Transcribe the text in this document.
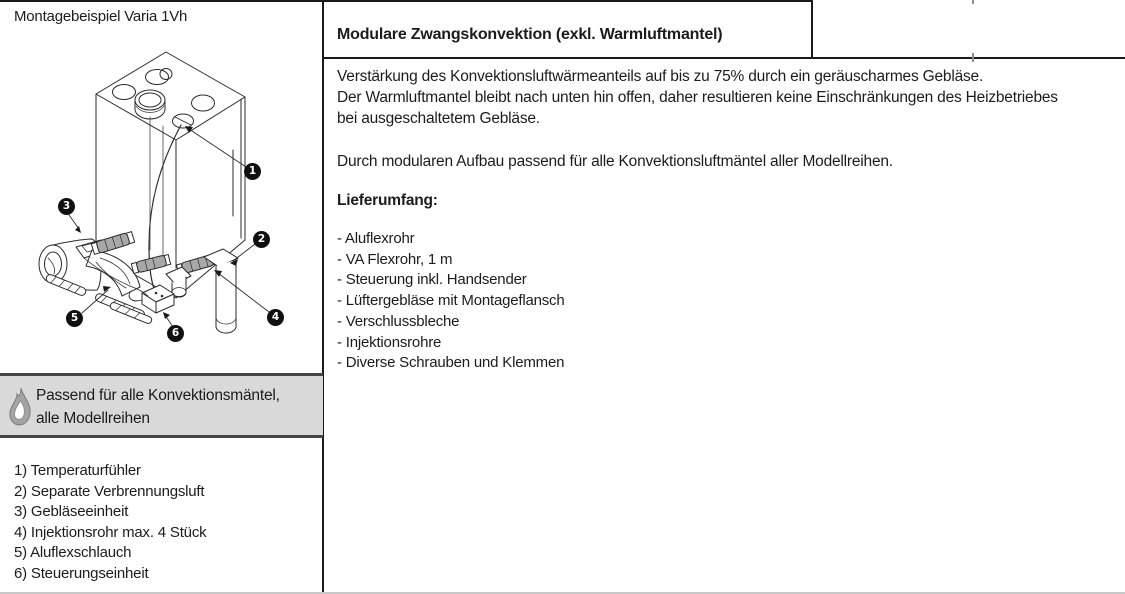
Montagebeispiel Varia 1Vh
1
2
3
4
5
6
Passend für alle Konvektionsmäntel,
alle Modellreihen
1) Temperaturfühler
2) Separate Verbrennungsluft
3) Gebläseeinheit
4) Injektionsrohr max. 4 Stück
5) Aluflexschlauch
6) Steuerungseinheit
Modulare Zwangskonvektion (exkl. Warmluftmantel)
Verstärkung des Konvektionsluftwärmeanteils auf bis zu 75% durch ein geräuscharmes Gebläse.
Der Warmluftmantel bleibt nach unten hin offen, daher resultieren keine Einschränkungen des Heizbetriebes
bei ausgeschaltetem Gebläse.
Durch modularen Aufbau passend für alle Konvektionsluftmäntel aller Modellreihen.
Lieferumfang:
- Aluflexrohr
- VA Flexrohr, 1 m
- Steuerung inkl. Handsender
- Lüftergebläse mit Montageflansch
- Verschlussbleche
- Injektionsrohre
- Diverse Schrauben und Klemmen
